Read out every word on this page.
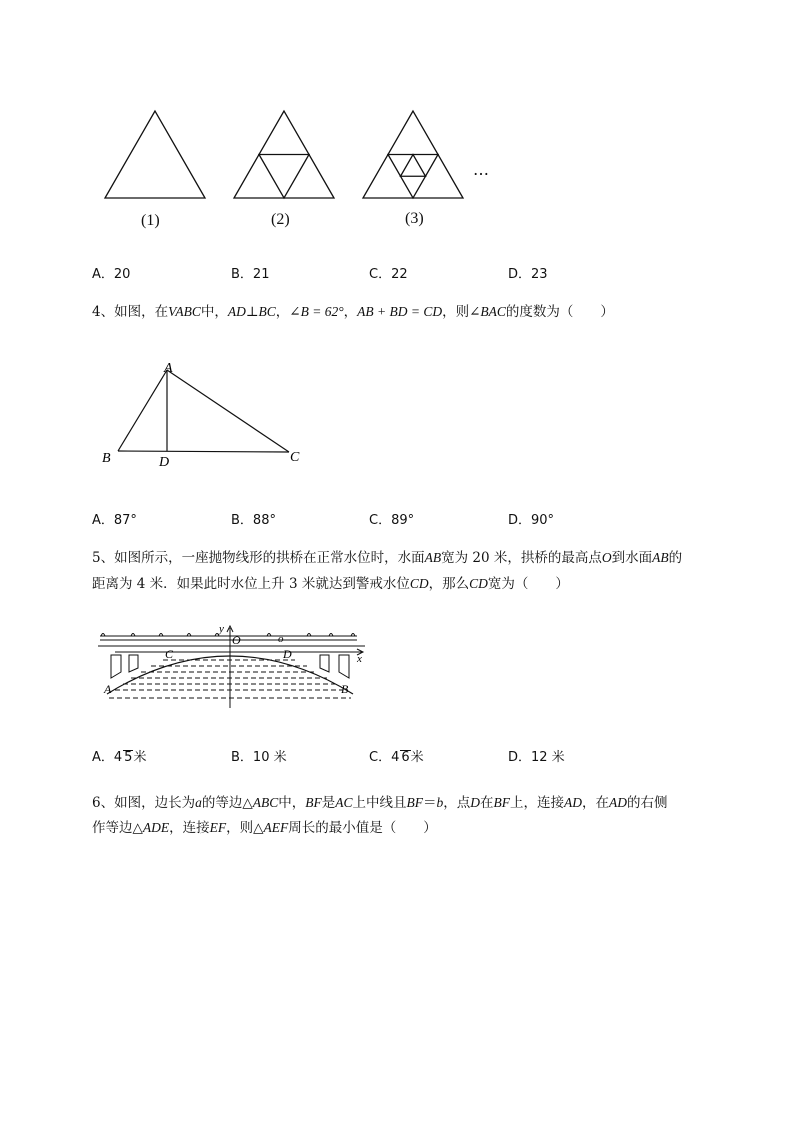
(1)	(2)	(3)
…
A．20	B．21	C．22	D．23
4、如图，在VABC中，AD⊥BC，∠B = 62°，AB + BD = CD，则∠BAC的度数为（　　）
A
B	D	C
A．87°	B．88°	C．89°	D．90°
5、如图所示，一座抛物线形的拱桥在正常水位时，水面AB宽为 20 米，拱桥的最高点O到水面AB的
距离为 4 米．如果此时水位上升 3 米就达到警戒水位CD，那么CD宽为（　　）
y
x
O	ō
C	D
A	B
A．4 5米	B．10 米	C．4 6米	D．12 米
6、如图，边长为a的等边△ABC中，BF是AC上中线且BF＝b，点D在BF上，连接AD，在AD的右侧
作等边△ADE，连接EF，则△AEF周长的最小值是（　　）
